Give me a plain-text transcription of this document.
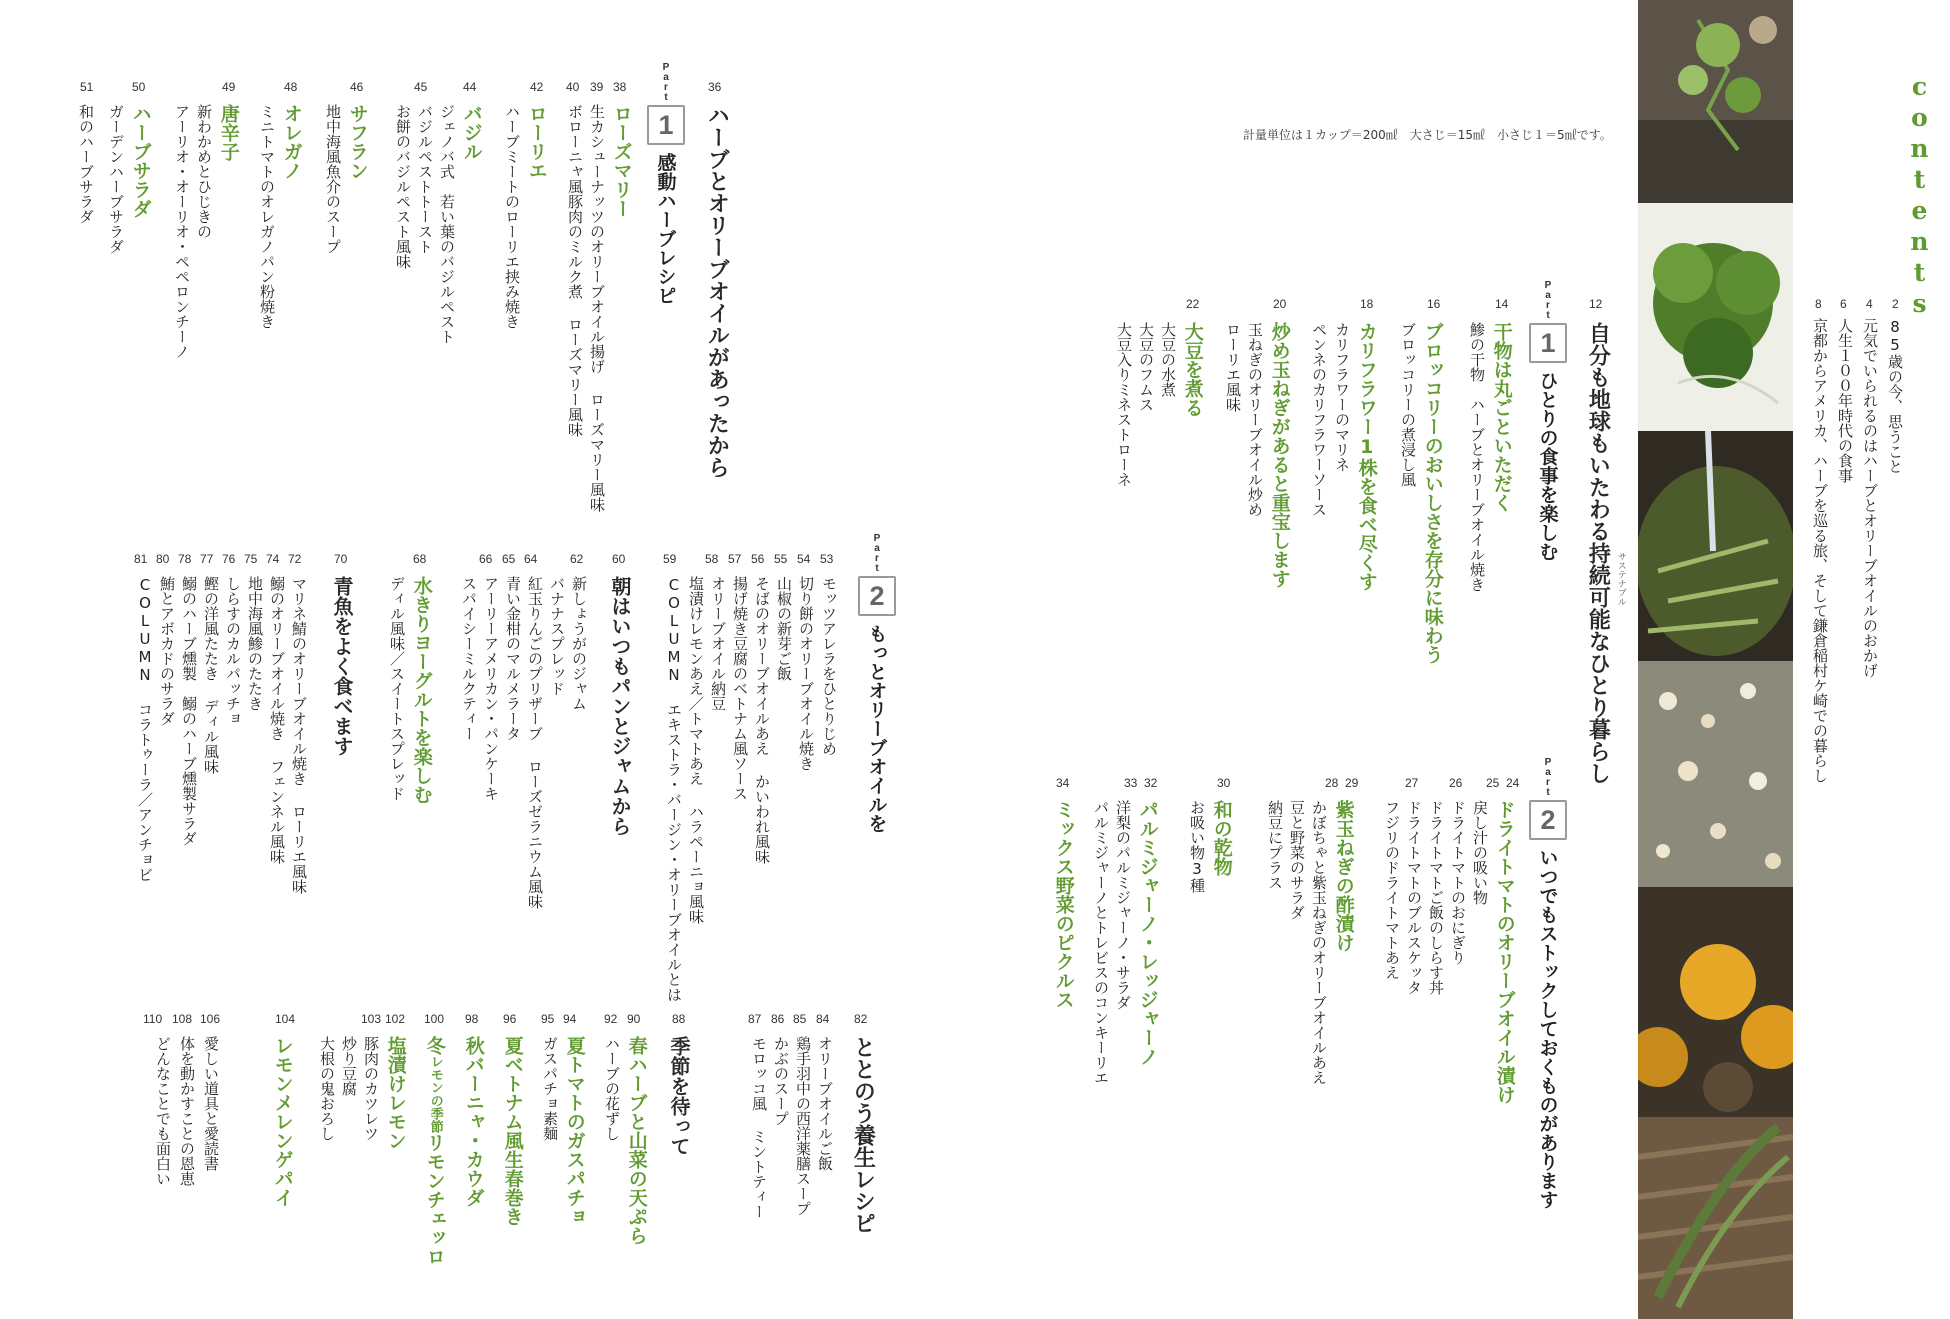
contents
計量単位は１カップ＝200㎖　大さじ＝15㎖　小さじ１＝5㎖です。
2
85歳の今、思うこと
4
元気でいられるのはハーブとオリーブオイルのおかげ
6
人生１００年時代の食事
8
京都からアメリカ、ハーブを巡る旅、そして鎌倉稲村ケ崎での暮らし
12
自分も地球もいたわる持続可能なひとり暮らし サステナブル
Part
1
ひとりの食事を楽しむ
14
干物は丸ごといただく
鯵の干物　ハーブとオリーブオイル焼き
16
ブロッコリーのおいしさを存分に味わう
ブロッコリーの煮浸し風
18
カリフラワー1株を食べ尽くす
カリフラワーのマリネ
ペンネのカリフラワーソース
20
炒め玉ねぎがあると重宝します
玉ねぎのオリーブオイル炒め
ローリエ風味
22
大豆を煮る
大豆の水煮
大豆のフムス
大豆入りミネストローネ
Part
2
いつでもストックしておくものがあります
25 24
ドライトマトのオリーブオイル漬け
戻し汁の吸い物
26
ドライトマトのおにぎり
ドライトマトご飯のしらす丼
27
ドライトマトのブルスケッタ
フジリのドライトマトあえ
28 29
紫玉ねぎの酢漬け
かぼちゃと紫玉ねぎのオリーブオイルあえ
豆と野菜のサラダ
納豆にプラス
30
和の乾物
お吸い物3種
33 32
パルミジャーノ・レッジャーノ
洋梨のパルミジャーノ・サラダ
パルミジャーノとトレビスのコンキーリエ
34
ミックス野菜のピクルス
36
ハーブとオリーブオイルがあったから
Part
1
感動ハーブレシピ
38
ローズマリー
39
生カシューナッツのオリーブオイル揚げ ローズマリー風味
40
ボローニャ風豚肉のミルク煮 ローズマリー風味
42
ローリエ
ハーブミートのローリエ挟み焼き
44
バジル
ジェノバ式　若い葉のバジルペスト
45
バジルペストトースト
お餅のバジルペスト風味
46
サフラン
地中海風魚介のスープ
48
オレガノ
ミニトマトのオレガノパン粉焼き
49
唐辛子
新わかめとひじきの
アーリオ・オーリオ・ペペロンチーノ
50
ハーブサラダ
ガーデンハーブサラダ
51
和のハーブサラダ
Part
2
もっとオリーブオイルを
53
モッツアレラをひとりじめ
54
切り餅のオリーブオイル焼き
55
山椒の新芽ご飯
56
そばのオリーブオイルあえ かいわれ風味
57
揚げ焼き豆腐のベトナム風ソース
58
オリーブオイル納豆
塩漬けレモンあえ／トマトあえ ハラペーニョ風味
59
COLUMN エキストラ・バージン・オリーブオイルとは
60
朝はいつもパンとジャムから
62
新しょうがのジャム
バナナスプレッド
64
紅玉りんごのプリザーブ ローズゼラニウム風味
65
青い金柑のマルメラータ
66
アーリーアメリカン・パンケーキ
スパイシーミルクティー
68
水きりヨーグルトを楽しむ
ディル風味／スイートスプレッド
70
青魚をよく食べます
72
マリネ鯖のオリーブオイル焼き ローリエ風味
74
鰯のオリーブオイル焼き フェンネル風味
75
地中海風鯵のたたき
76
しらすのカルパッチョ
77
鰹の洋風たたき ディル風味
78
鰯のハーブ燻製　鰯のハーブ燻製サラダ
80
鮪とアボカドのサラダ
81
COLUMN コラトゥーラ／アンチョビ
82
ととのう養生レシピ
84
オリーブオイルご飯
86 85
鶏手羽中の西洋薬膳スープ
かぶのスープ
87
モロッコ風 ミントティー
88
季節を待って
90
春ハーブと山菜の天ぷら
92
ハーブの花ずし
94
夏トマトのガスパチョ
95
ガスパチョ素麺
96
夏ベトナム風生春巻き
98
秋バーニャ・カウダ
100
冬レモンの季節リモンチェッロ
102
103
塩漬けレモン
豚肉のカツレツ
炒り豆腐
大根の鬼おろし
104
レモンメレンゲパイ
106
愛しい道具と愛読書
108
体を動かすことの恩恵
110
どんなことでも面白い
